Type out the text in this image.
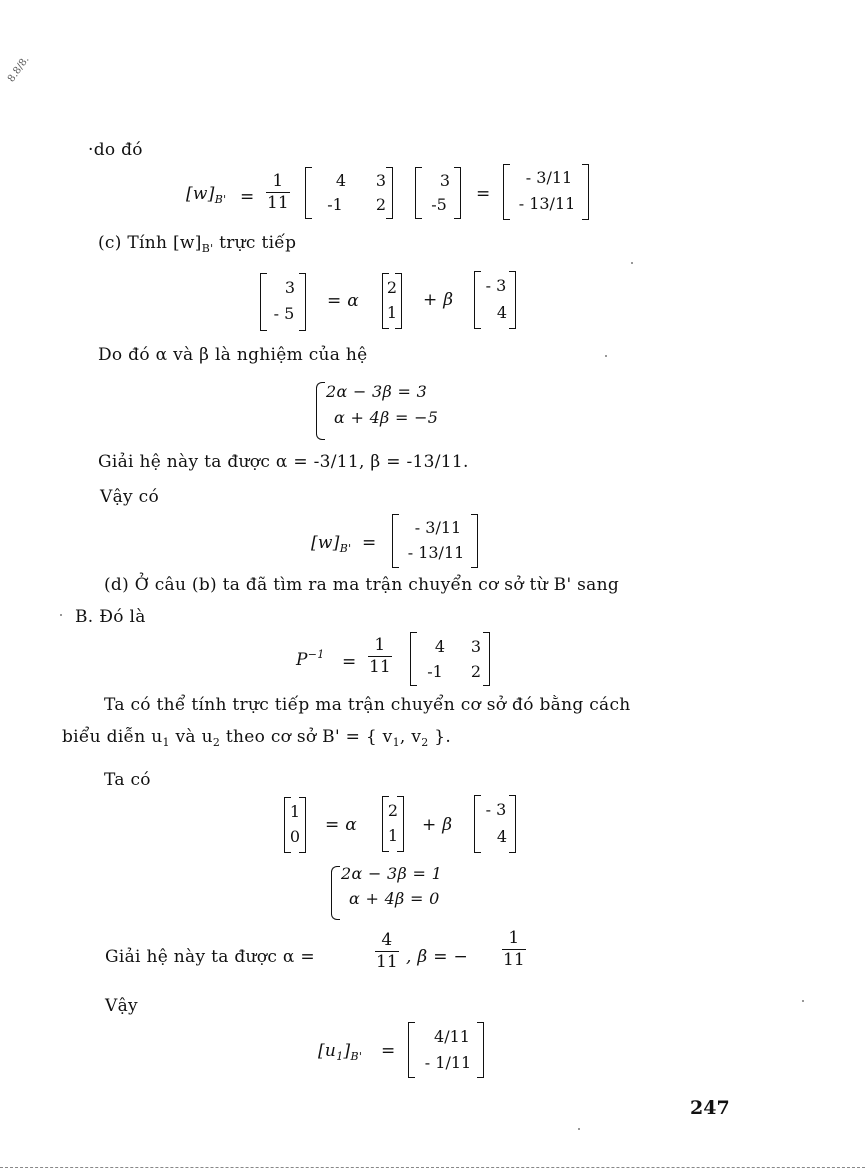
8.8/8.
·do đó
$[w]_{B'} = \frac{1}{11}$	4 3
-1 2
3
-5
=
- 3/11
- 13/11
(c) Tính $[w]_{B'}$ trực tiếp
3
- 5
= α
2
1
+ β
- 3
4
Do đó α và β là nghiệm của hệ
2α − 3β = 3
α + 4β = −5
Giải hệ này ta được α = -3/11, β = -13/11.
Vậy có
$[w]_{B'}$ =
- 3/11
- 13/11
(d) Ở câu (b) ta đã tìm ra ma trận chuyển cơ sở từ B' sang
B. Đó là
$P^{-1} = \frac{1}{11}$	4 3
-1 2
Ta có thể tính trực tiếp ma trận chuyển cơ sở đó bằng cách
biểu diễn $u_1$ và $u_2$ theo cơ sở B' = { $v_1$, $v_2$ }.
Ta có
1
0
= α
2
1
+ β
- 3
4
2α − 3β = 1
α + 4β = 0
Giải hệ này ta được α =	$\frac{4}{11}$ , β = − $\frac{1}{11}$
Vậy
$[u_1]_{B'}$ =
4/11
- 1/11
247
